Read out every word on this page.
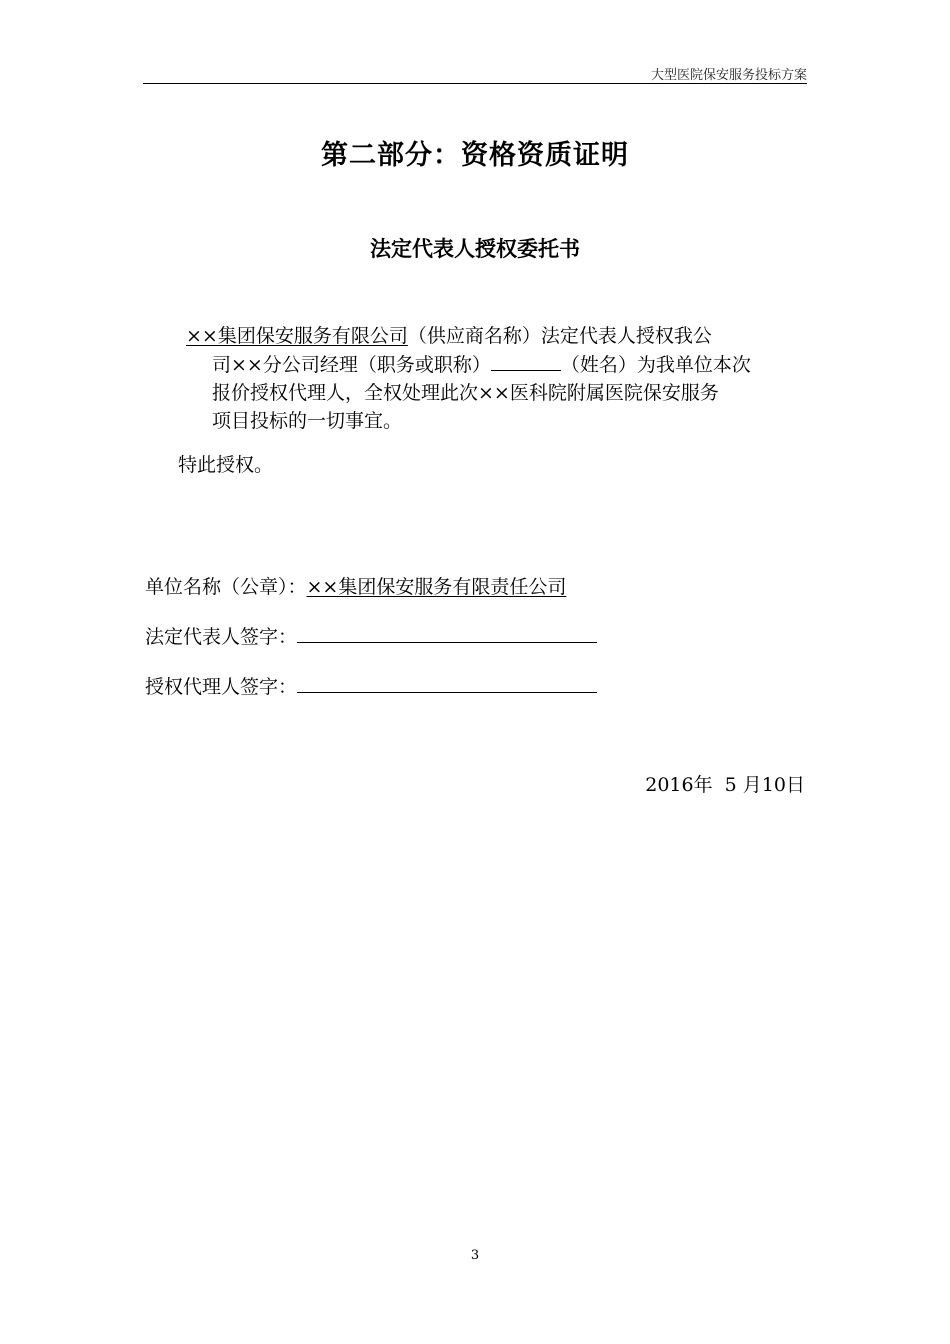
大型医院保安服务投标方案
第二部分：资格资质证明
法定代表人授权委托书
××集团保安服务有限公司（供应商名称）法定代表人授权我公
司××分公司经理（职务或职称）	（姓名）为我单位本次
报价授权代理人，全权处理此次××医科院附属医院保安服务
项目投标的一切事宜。
特此授权。
单位名称（公章）：××集团保安服务有限责任公司
法定代表人签字：
授权代理人签字：
2016年  5 月10日
3
